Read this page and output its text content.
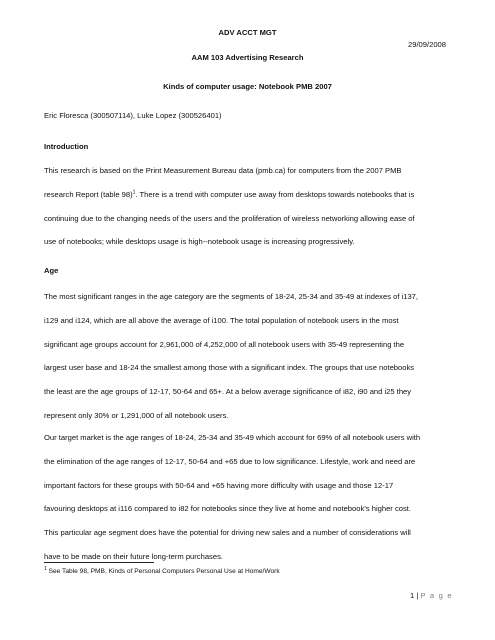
ADV ACCT MGT
29/09/2008
AAM 103 Advertising Research
Kinds of computer usage: Notebook PMB 2007
Eric Floresca (300507114), Luke Lopez (300526401)
Introduction
This research is based on the Print Measurement Bureau data (pmb.ca) for computers from the 2007 PMB
research Report (table 98)$^1$. There is a trend with computer use away from desktops towards notebooks that is
continuing due to the changing needs of the users and the proliferation of wireless networking allowing ease of
use of notebooks; while desktops usage is high--notebook usage is increasing progressively.
Age
The most significant ranges in the age category are the segments of 18-24, 25-34 and 35-49 at indexes of i137,
i129 and i124, which are all above the average of i100. The total population of notebook users in the most
significant age groups account for 2,961,000 of 4,252,000 of all notebook users with 35-49 representing the
largest user base and 18-24 the smallest among those with a significant index. The groups that use notebooks
the least are the age groups of 12-17, 50-64 and 65+. At a below average significance of i82, i90 and i25 they
represent only 30% or 1,291,000 of all notebook users.
Our target market is the age ranges of 18-24, 25-34 and 35-49 which account for 69% of all notebook users with
the elimination of the age ranges of 12-17, 50-64 and +65 due to low significance. Lifestyle, work and need are
important factors for these groups with 50-64 and +65 having more difficulty with usage and those 12-17
favouring desktops at i116 compared to i82 for notebooks since they live at home and notebook’s higher cost.
This particular age segment does have the potential for driving new sales and a number of considerations will
have to be made on their future long-term purchases.
$^1$ See Table 98, PMB, Kinds of Personal Computers Personal Use at Home/Work
1 | P a g e
